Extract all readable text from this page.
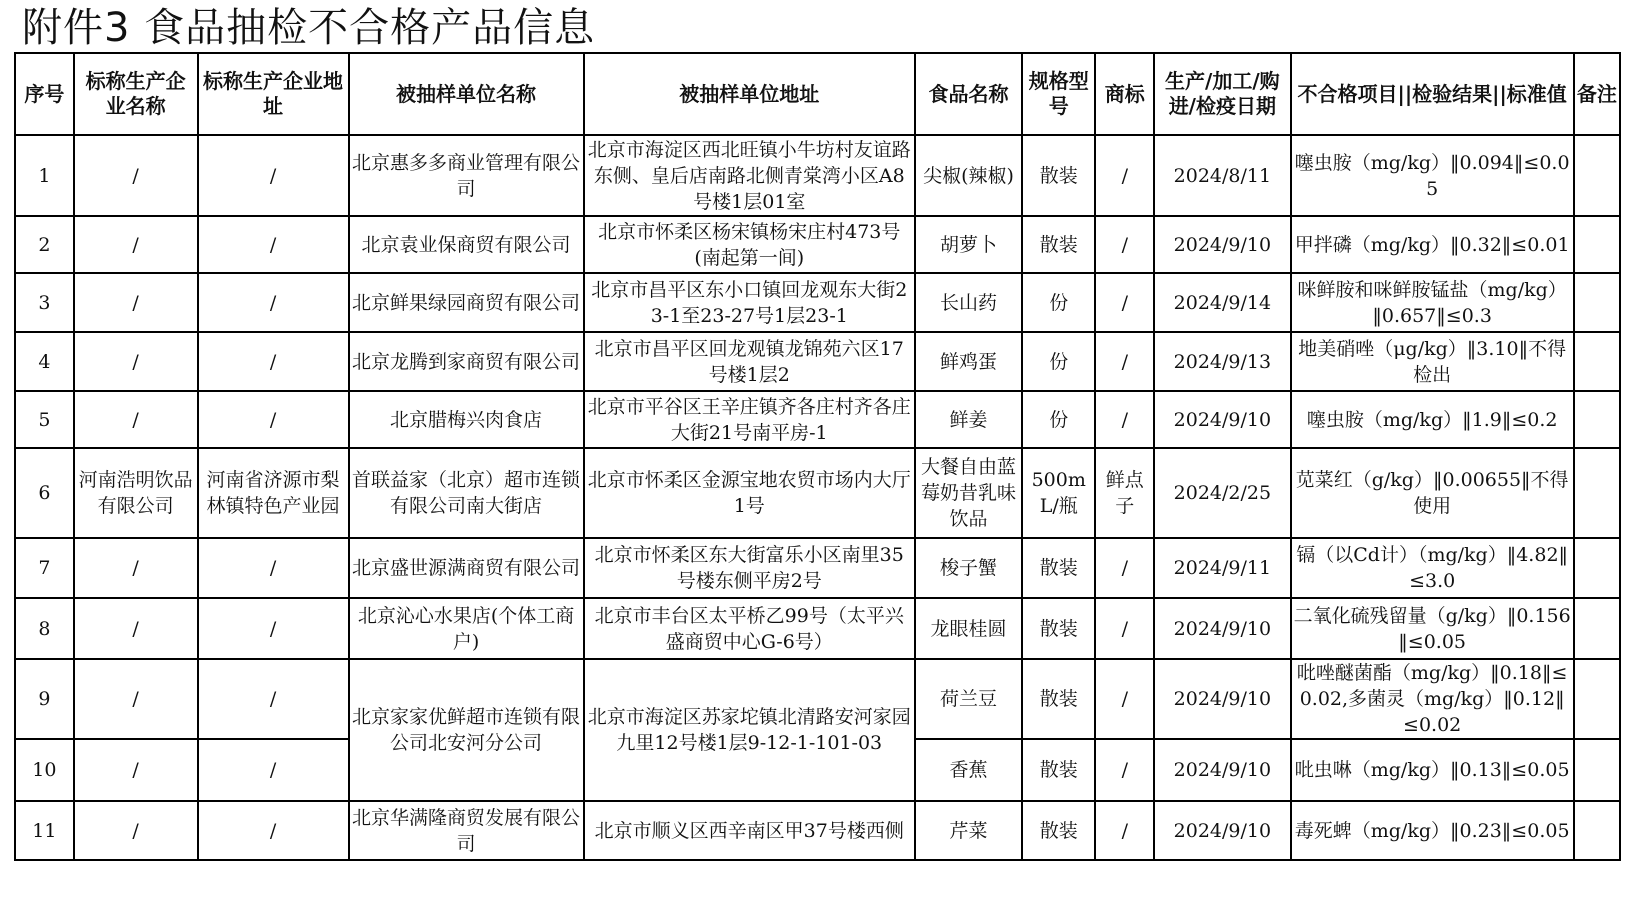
附件3 食品抽检不合格产品信息
序号	标称生产企业名称	标称生产企业地址	被抽样单位名称	被抽样单位地址	食品名称	规格型号	商标	生产/加工/购进/检疫日期	不合格项目||检验结果||标准值	备注
1	/	/	北京惠多多商业管理有限公司	北京市海淀区西北旺镇小牛坊村友谊路东侧、皇后店南路北侧青棠湾小区A8号楼1层01室	尖椒(辣椒)	散装	/	2024/8/11	噻虫胺（mg/kg）‖0.094‖≤0.05	
2	/	/	北京袁业保商贸有限公司	北京市怀柔区杨宋镇杨宋庄村473号(南起第一间)	胡萝卜	散装	/	2024/9/10	甲拌磷（mg/kg）‖0.32‖≤0.01	
3	/	/	北京鲜果绿园商贸有限公司	北京市昌平区东小口镇回龙观东大街23-1至23-27号1层23-1	长山药	份	/	2024/9/14	咪鲜胺和咪鲜胺锰盐（mg/kg）‖0.657‖≤0.3	
4	/	/	北京龙腾到家商贸有限公司	北京市昌平区回龙观镇龙锦苑六区17号楼1层2	鲜鸡蛋	份	/	2024/9/13	地美硝唑（μg/kg）‖3.10‖不得检出	
5	/	/	北京腊梅兴肉食店	北京市平谷区王辛庄镇齐各庄村齐各庄大街21号南平房-1	鲜姜	份	/	2024/9/10	噻虫胺（mg/kg）‖1.9‖≤0.2	
6	河南浩明饮品有限公司	河南省济源市梨林镇特色产业园	首联益家（北京）超市连锁有限公司南大街店	北京市怀柔区金源宝地农贸市场内大厅1号	大餐自由蓝莓奶昔乳味饮品	500mL/瓶	鲜点子	2024/2/25	苋菜红（g/kg）‖0.00655‖不得使用	
7	/	/	北京盛世源满商贸有限公司	北京市怀柔区东大街富乐小区南里35号楼东侧平房2号	梭子蟹	散装	/	2024/9/11	镉（以Cd计）（mg/kg）‖4.82‖≤3.0	
8	/	/	北京沁心水果店(个体工商户)	北京市丰台区太平桥乙99号（太平兴盛商贸中心G-6号）	龙眼桂圆	散装	/	2024/9/10	二氧化硫残留量（g/kg）‖0.156‖≤0.05	
9	/	/	北京家家优鲜超市连锁有限公司北安河分公司	北京市海淀区苏家坨镇北清路安河家园九里12号楼1层9-12-1-101-03	荷兰豆	散装	/	2024/9/10	吡唑醚菌酯（mg/kg）‖0.18‖≤0.02,多菌灵（mg/kg）‖0.12‖≤0.02	
10	/	/			香蕉	散装	/	2024/9/10	吡虫啉（mg/kg）‖0.13‖≤0.05	
11	/	/	北京华满隆商贸发展有限公司	北京市顺义区西辛南区甲37号楼西侧	芹菜	散装	/	2024/9/10	毒死蜱（mg/kg）‖0.23‖≤0.05	
